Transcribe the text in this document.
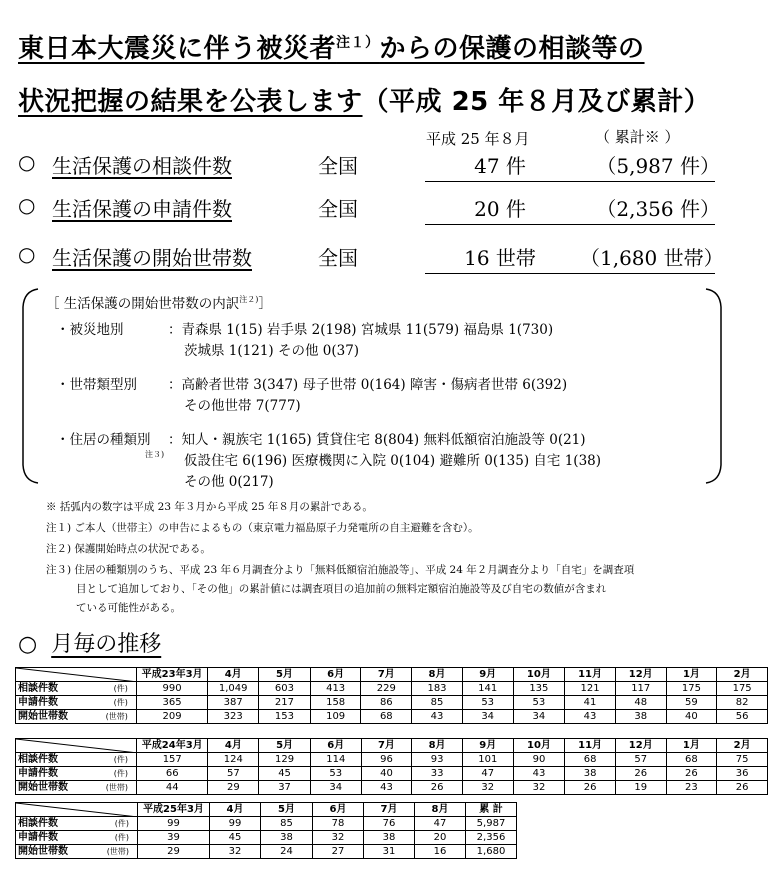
東日本大震災に伴う被災者$^{注1)}$からの保護の相談等の
状況把握の結果を公表します（平成 25 年８月及び累計）
平成 25 年８月	（ 累計※ ）
○ 生活保護の相談件数	全国	47 件	（5,987 件）
○ 生活保護の申請件数	全国	20 件	（2,356 件）
○ 生活保護の開始世帯数	全国	16 世帯	（1,680 世帯）
［ 生活保護の開始世帯数の内訳$^{注2)}$］
・被災地別	：青森県 1(15) 岩手県 2(198) 宮城県 11(579) 福島県 1(730)
茨城県 1(121) その他 0(37)
・世帯類型別 ：高齢者世帯 3(347) 母子世帯 0(164) 障害・傷病者世帯 6(392)
その他世帯 7(777)
・住居の種類別
注３)
：知人・親族宅 1(165) 賃貸住宅 8(804) 無料低額宿泊施設等 0(21)
仮設住宅 6(196) 医療機関に入院 0(104) 避難所 0(135) 自宅 1(38)
その他 0(217)
※ 括弧内の数字は平成 23 年３月から平成 25 年８月の累計である。
注１) ご本人（世帯主）の申告によるもの（東京電力福島原子力発電所の自主避難を含む）。
注２) 保護開始時点の状況である。
注３) 住居の種類別のうち、平成 23 年６月調査分より「無料低額宿泊施設等」、平成 24 年２月調査分より「自宅」を調査項
目として追加しており、「その他」の累計値には調査項目の追加前の無料定額宿泊施設等及び自宅の数値が含まれ
ている可能性がある。
○ 月毎の推移
	平成23年3月	4月	5月	6月	7月	8月	9月	10月	11月	12月	1月	2月
相談件数 (件)	990	1,049	603	413	229	183	141	135	121	117	175	175
申請件数 (件)	365	387	217	158	86	85	53	53	41	48	59	82
開始世帯数 (世帯)	209	323	153	109	68	43	34	34	43	38	40	56
	平成24年3月	4月	5月	6月	7月	8月	9月	10月	11月	12月	1月	2月
相談件数 (件)	157	124	129	114	96	93	101	90	68	57	68	75
申請件数 (件)	66	57	45	53	40	33	47	43	38	26	26	36
開始世帯数 (世帯)	44	29	37	34	43	26	32	32	26	19	23	26
	平成25年3月	4月	5月	6月	7月	8月	累 計
相談件数 (件)	99	99	85	78	76	47	5,987
申請件数 (件)	39	45	38	32	38	20	2,356
開始世帯数 (世帯)	29	32	24	27	31	16	1,680
